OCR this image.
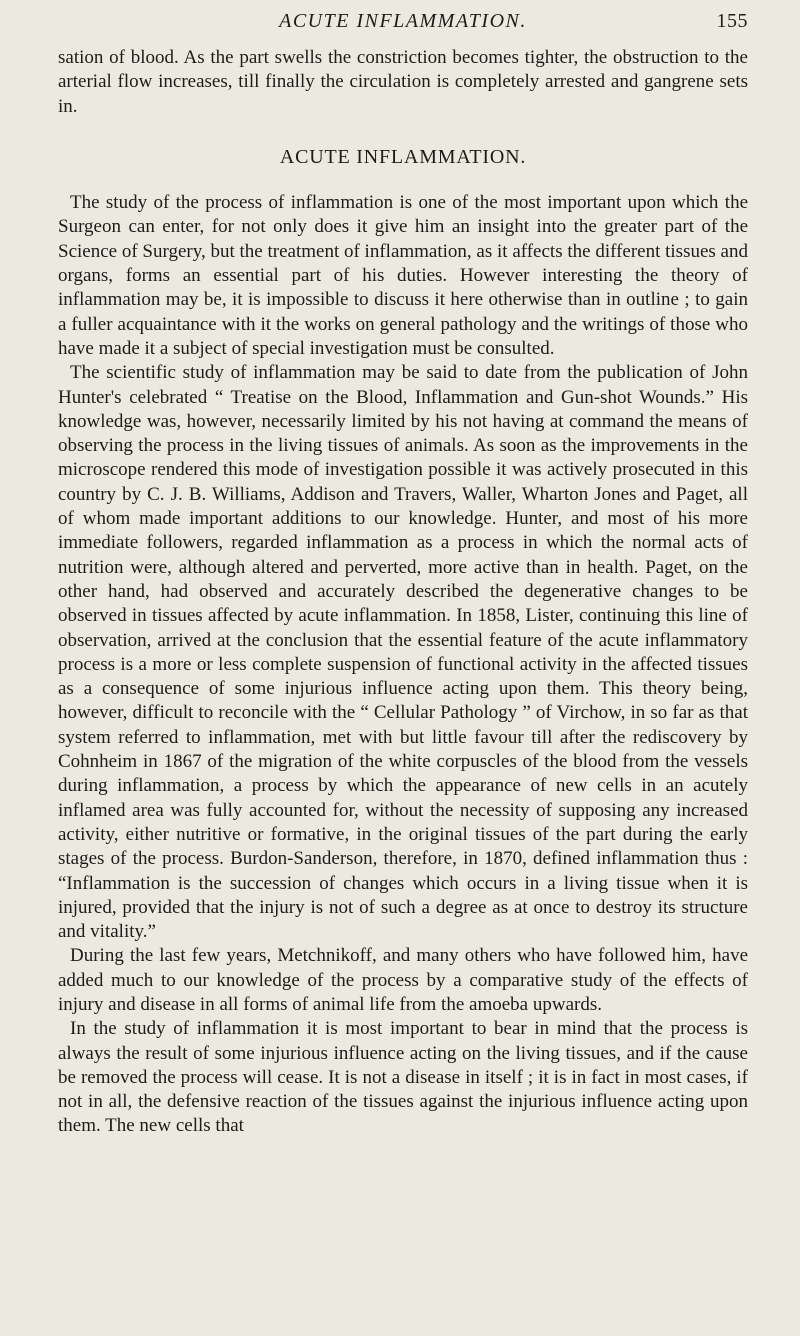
ACUTE INFLAMMATION.	155

sation of blood. As the part swells the constriction becomes tighter, the obstruction to the arterial flow increases, till finally the circulation is completely arrested and gangrene sets in.

ACUTE INFLAMMATION.

The study of the process of inflammation is one of the most important upon which the Surgeon can enter, for not only does it give him an insight into the greater part of the Science of Surgery, but the treatment of inflammation, as it affects the different tissues and organs, forms an essential part of his duties. However interesting the theory of inflammation may be, it is impossible to discuss it here otherwise than in outline ; to gain a fuller acquaintance with it the works on general pathology and the writings of those who have made it a subject of special investigation must be consulted.

The scientific study of inflammation may be said to date from the publication of John Hunter's celebrated “ Treatise on the Blood, Inflammation and Gun-shot Wounds.” His knowledge was, however, necessarily limited by his not having at command the means of observing the process in the living tissues of animals. As soon as the improvements in the microscope rendered this mode of investigation possible it was actively prosecuted in this country by C. J. B. Williams, Addison and Travers, Waller, Wharton Jones and Paget, all of whom made important additions to our knowledge. Hunter, and most of his more immediate followers, regarded inflammation as a process in which the normal acts of nutrition were, although altered and perverted, more active than in health. Paget, on the other hand, had observed and accurately described the degenerative changes to be observed in tissues affected by acute inflammation. In 1858, Lister, continuing this line of observation, arrived at the conclusion that the essential feature of the acute inflammatory process is a more or less complete suspension of functional activity in the affected tissues as a consequence of some injurious influence acting upon them. This theory being, however, difficult to reconcile with the “ Cellular Pathology ” of Virchow, in so far as that system referred to inflammation, met with but little favour till after the rediscovery by Cohnheim in 1867 of the migration of the white corpuscles of the blood from the vessels during inflammation, a process by which the appearance of new cells in an acutely inflamed area was fully accounted for, without the necessity of supposing any increased activity, either nutritive or formative, in the original tissues of the part during the early stages of the process. Burdon-Sanderson, therefore, in 1870, defined inflammation thus : “Inflammation is the succession of changes which occurs in a living tissue when it is injured, provided that the injury is not of such a degree as at once to destroy its structure and vitality.”

During the last few years, Metchnikoff, and many others who have followed him, have added much to our knowledge of the process by a comparative study of the effects of injury and disease in all forms of animal life from the amoeba upwards.

In the study of inflammation it is most important to bear in mind that the process is always the result of some injurious influence acting on the living tissues, and if the cause be removed the process will cease. It is not a disease in itself ; it is in fact in most cases, if not in all, the defensive reaction of the tissues against the injurious influence acting upon them. The new cells that
